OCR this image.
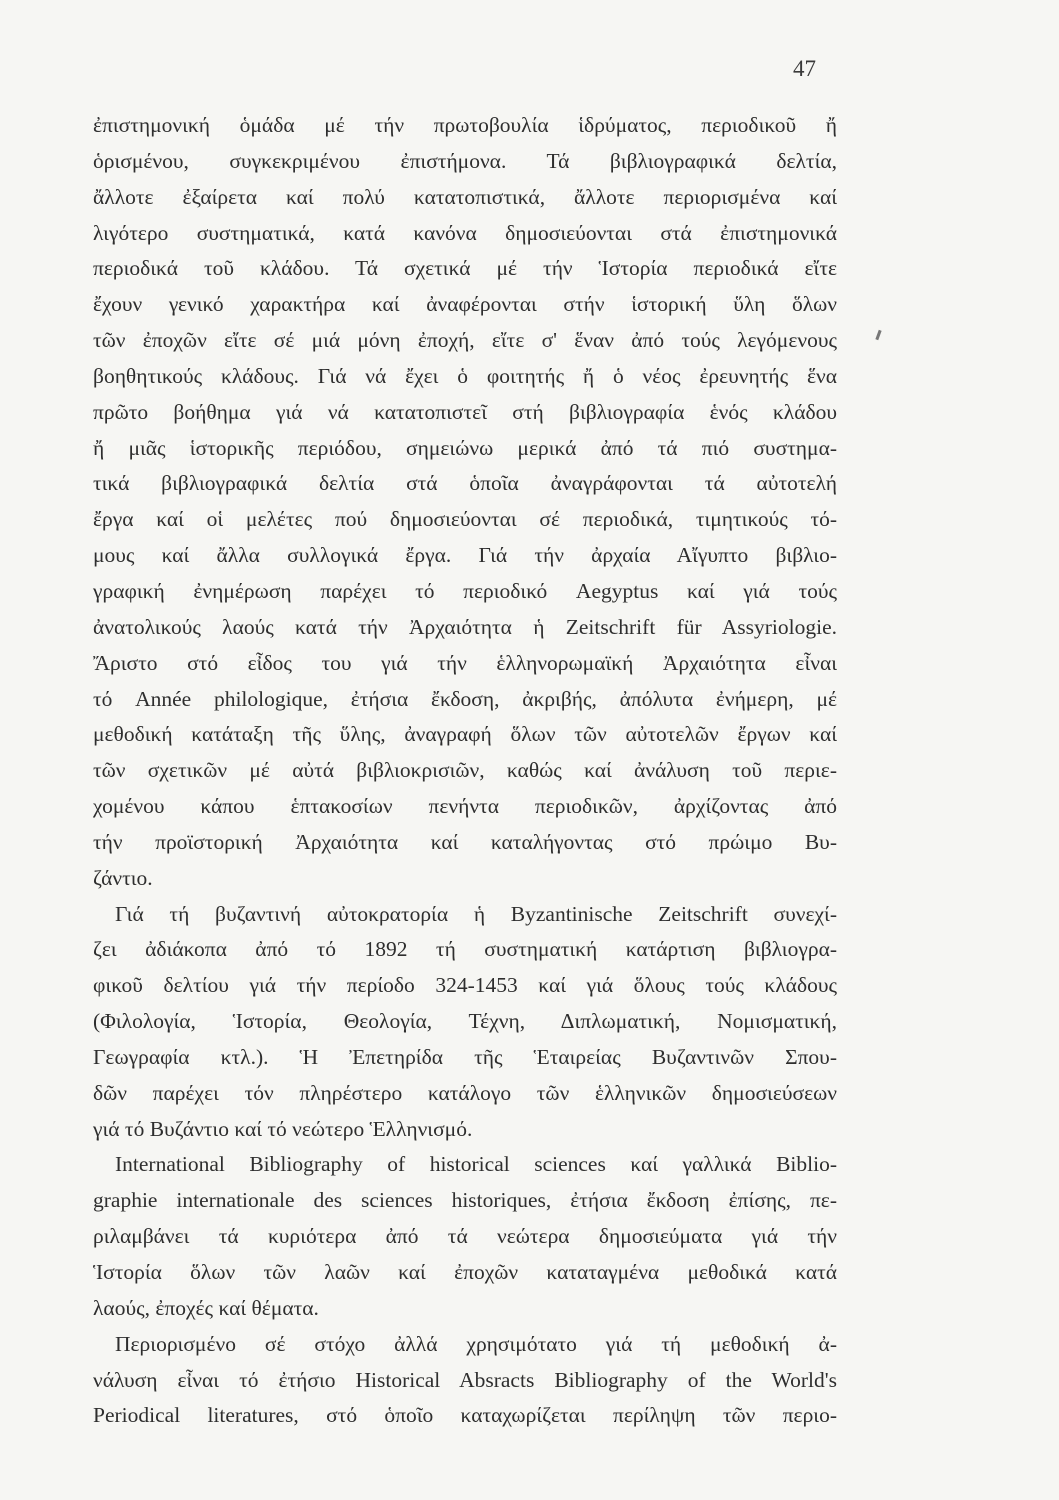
47
ἐπιστημονική ὁμάδα μέ τήν πρωτοβουλία ἱδρύματος, περιοδικοῦ ἤ
ὁρισμένου, συγκεκριμένου ἐπιστήμονα. Τά βιβλιογραφικά δελτία,
ἄλλοτε ἐξαίρετα καί πολύ κατατοπιστικά, ἄλλοτε περιορισμένα καί
λιγότερο συστηματικά, κατά κανόνα δημοσιεύονται στά ἐπιστημονικά
περιοδικά τοῦ κλάδου. Τά σχετικά μέ τήν Ἱστορία περιοδικά εἴτε
ἔχουν γενικό χαρακτήρα καί ἀναφέρονται στήν ἱστορική ὕλη ὅλων
τῶν ἐποχῶν εἴτε σέ μιά μόνη ἐποχή, εἴτε σ' ἕναν ἀπό τούς λεγόμενους
βοηθητικούς κλάδους. Γιά νά ἔχει ὁ φοιτητής ἤ ὁ νέος ἐρευνητής ἕνα
πρῶτο βοήθημα γιά νά κατατοπιστεῖ στή βιβλιογραφία ἑνός κλάδου
ἤ μιᾶς ἱστορικῆς περιόδου, σημειώνω μερικά ἀπό τά πιό συστημα-
τικά βιβλιογραφικά δελτία στά ὁποῖα ἀναγράφονται τά αὐτοτελή
ἔργα καί οἱ μελέτες πού δημοσιεύονται σέ περιοδικά, τιμητικούς τό-
μους καί ἄλλα συλλογικά ἔργα. Γιά τήν ἀρχαία Αἴγυπτο βιβλιο-
γραφική ἐνημέρωση παρέχει τό περιοδικό Aegyptus καί γιά τούς
ἀνατολικούς λαούς κατά τήν Ἀρχαιότητα ἡ Zeitschrift für Assyriologie.
Ἄριστο στό εἶδος του γιά τήν ἑλληνορωμαϊκή Ἀρχαιότητα εἶναι
τό Année philologique, ἐτήσια ἔκδοση, ἀκριβής, ἀπόλυτα ἐνήμερη, μέ
μεθοδική κατάταξη τῆς ὕλης, ἀναγραφή ὅλων τῶν αὐτοτελῶν ἔργων καί
τῶν σχετικῶν μέ αὐτά βιβλιοκρισιῶν, καθώς καί ἀνάλυση τοῦ περιε-
χομένου κάπου ἑπτακοσίων πενήντα περιοδικῶν, ἀρχίζοντας ἀπό
τήν προϊστορική Ἀρχαιότητα καί καταλήγοντας στό πρώιμο Βυ-
ζάντιο.
Γιά τή βυζαντινή αὐτοκρατορία ἡ Byzantinische Zeitschrift συνεχί-
ζει ἀδιάκοπα ἀπό τό 1892 τή συστηματική κατάρτιση βιβλιογρα-
φικοῦ δελτίου γιά τήν περίοδο 324-1453 καί γιά ὅλους τούς κλάδους
(Φιλολογία, Ἱστορία, Θεολογία, Τέχνη, Διπλωματική, Νομισματική,
Γεωγραφία κτλ.). Ἡ Ἐπετηρίδα τῆς Ἑταιρείας Βυζαντινῶν Σπου-
δῶν παρέχει τόν πληρέστερο κατάλογο τῶν ἑλληνικῶν δημοσιεύσεων
γιά τό Βυζάντιο καί τό νεώτερο Ἑλληνισμό.
International Bibliography of historical sciences καί γαλλικά Biblio-
graphie internationale des sciences historiques, ἐτήσια ἔκδοση ἐπίσης, πε-
ριλαμβάνει τά κυριότερα ἀπό τά νεώτερα δημοσιεύματα γιά τήν
Ἱστορία ὅλων τῶν λαῶν καί ἐποχῶν καταταγμένα μεθοδικά κατά
λαούς, ἐποχές καί θέματα.
Περιορισμένο σέ στόχο ἀλλά χρησιμότατο γιά τή μεθοδική ἀ-
νάλυση εἶναι τό ἐτήσιο Historical Absracts Bibliography of the World's
Periodical literatures, στό ὁποῖο καταχωρίζεται περίληψη τῶν περιο-
